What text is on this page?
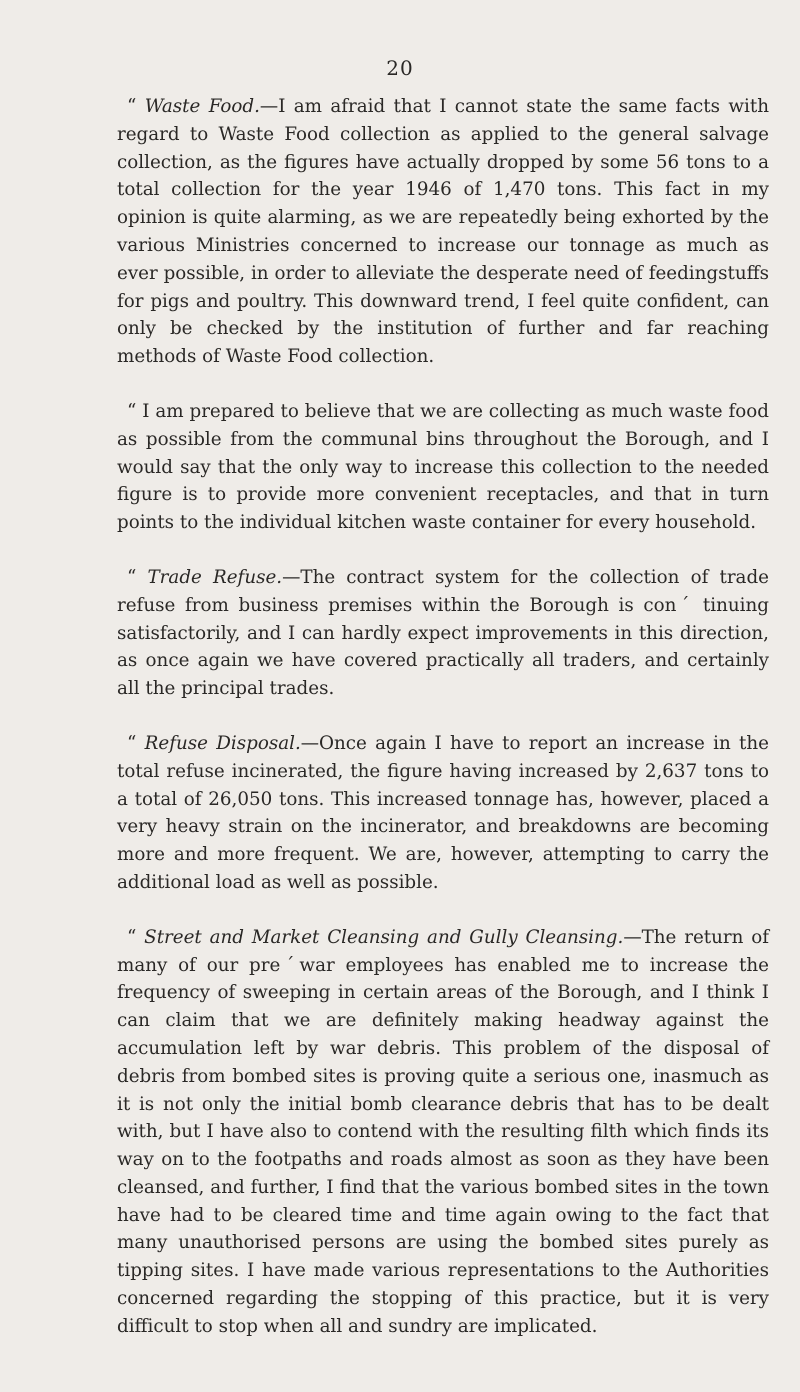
20

“ Waste Food.—I am afraid that I cannot state the same facts with regard to Waste Food collection as applied to the general salvage collection, as the figures have actually dropped by some 56 tons to a total collection for the year 1946 of 1,470 tons. This fact in my opinion is quite alarming, as we are repeatedly being exhorted by the various Ministries concerned to increase our tonnage as much as ever possible, in order to alleviate the desperate need of feedingstuffs for pigs and poultry. This downward trend, I feel quite confident, can only be checked by the institution of further and far reaching methods of Waste Food collection.

“ I am prepared to believe that we are collecting as much waste food as possible from the communal bins throughout the Borough, and I would say that the only way to increase this collection to the needed figure is to provide more convenient receptacles, and that in turn points to the individual kitchen waste container for every household.

“ Trade Refuse.—The contract system for the collection of trade refuse from business premises within the Borough is conˊ tinuing satisfactorily, and I can hardly expect improvements in this direction, as once again we have covered practically all traders, and certainly all the principal trades.

“ Refuse Disposal.—Once again I have to report an increase in the total refuse incinerated, the figure having increased by 2,637 tons to a total of 26,050 tons. This increased tonnage has, however, placed a very heavy strain on the incinerator, and breakdowns are becoming more and more frequent. We are, however, attempting to carry the additional load as well as possible.

“ Street and Market Cleansing and Gully Cleansing.—The return of many of our preˊwar employees has enabled me to increase the frequency of sweeping in certain areas of the Borough, and I think I can claim that we are definitely making headway against the accumulation left by war debris. This problem of the disposal of debris from bombed sites is proving quite a serious one, inasmuch as it is not only the initial bomb clearance debris that has to be dealt with, but I have also to contend with the resulting filth which finds its way on to the footpaths and roads almost as soon as they have been cleansed, and further, I find that the various bombed sites in the town have had to be cleared time and time again owing to the fact that many unauthorised persons are using the bombed sites purely as tipping sites. I have made various representations to the Authorities concerned regarding the stopping of this practice, but it is very difficult to stop when all and sundry are implicated.
